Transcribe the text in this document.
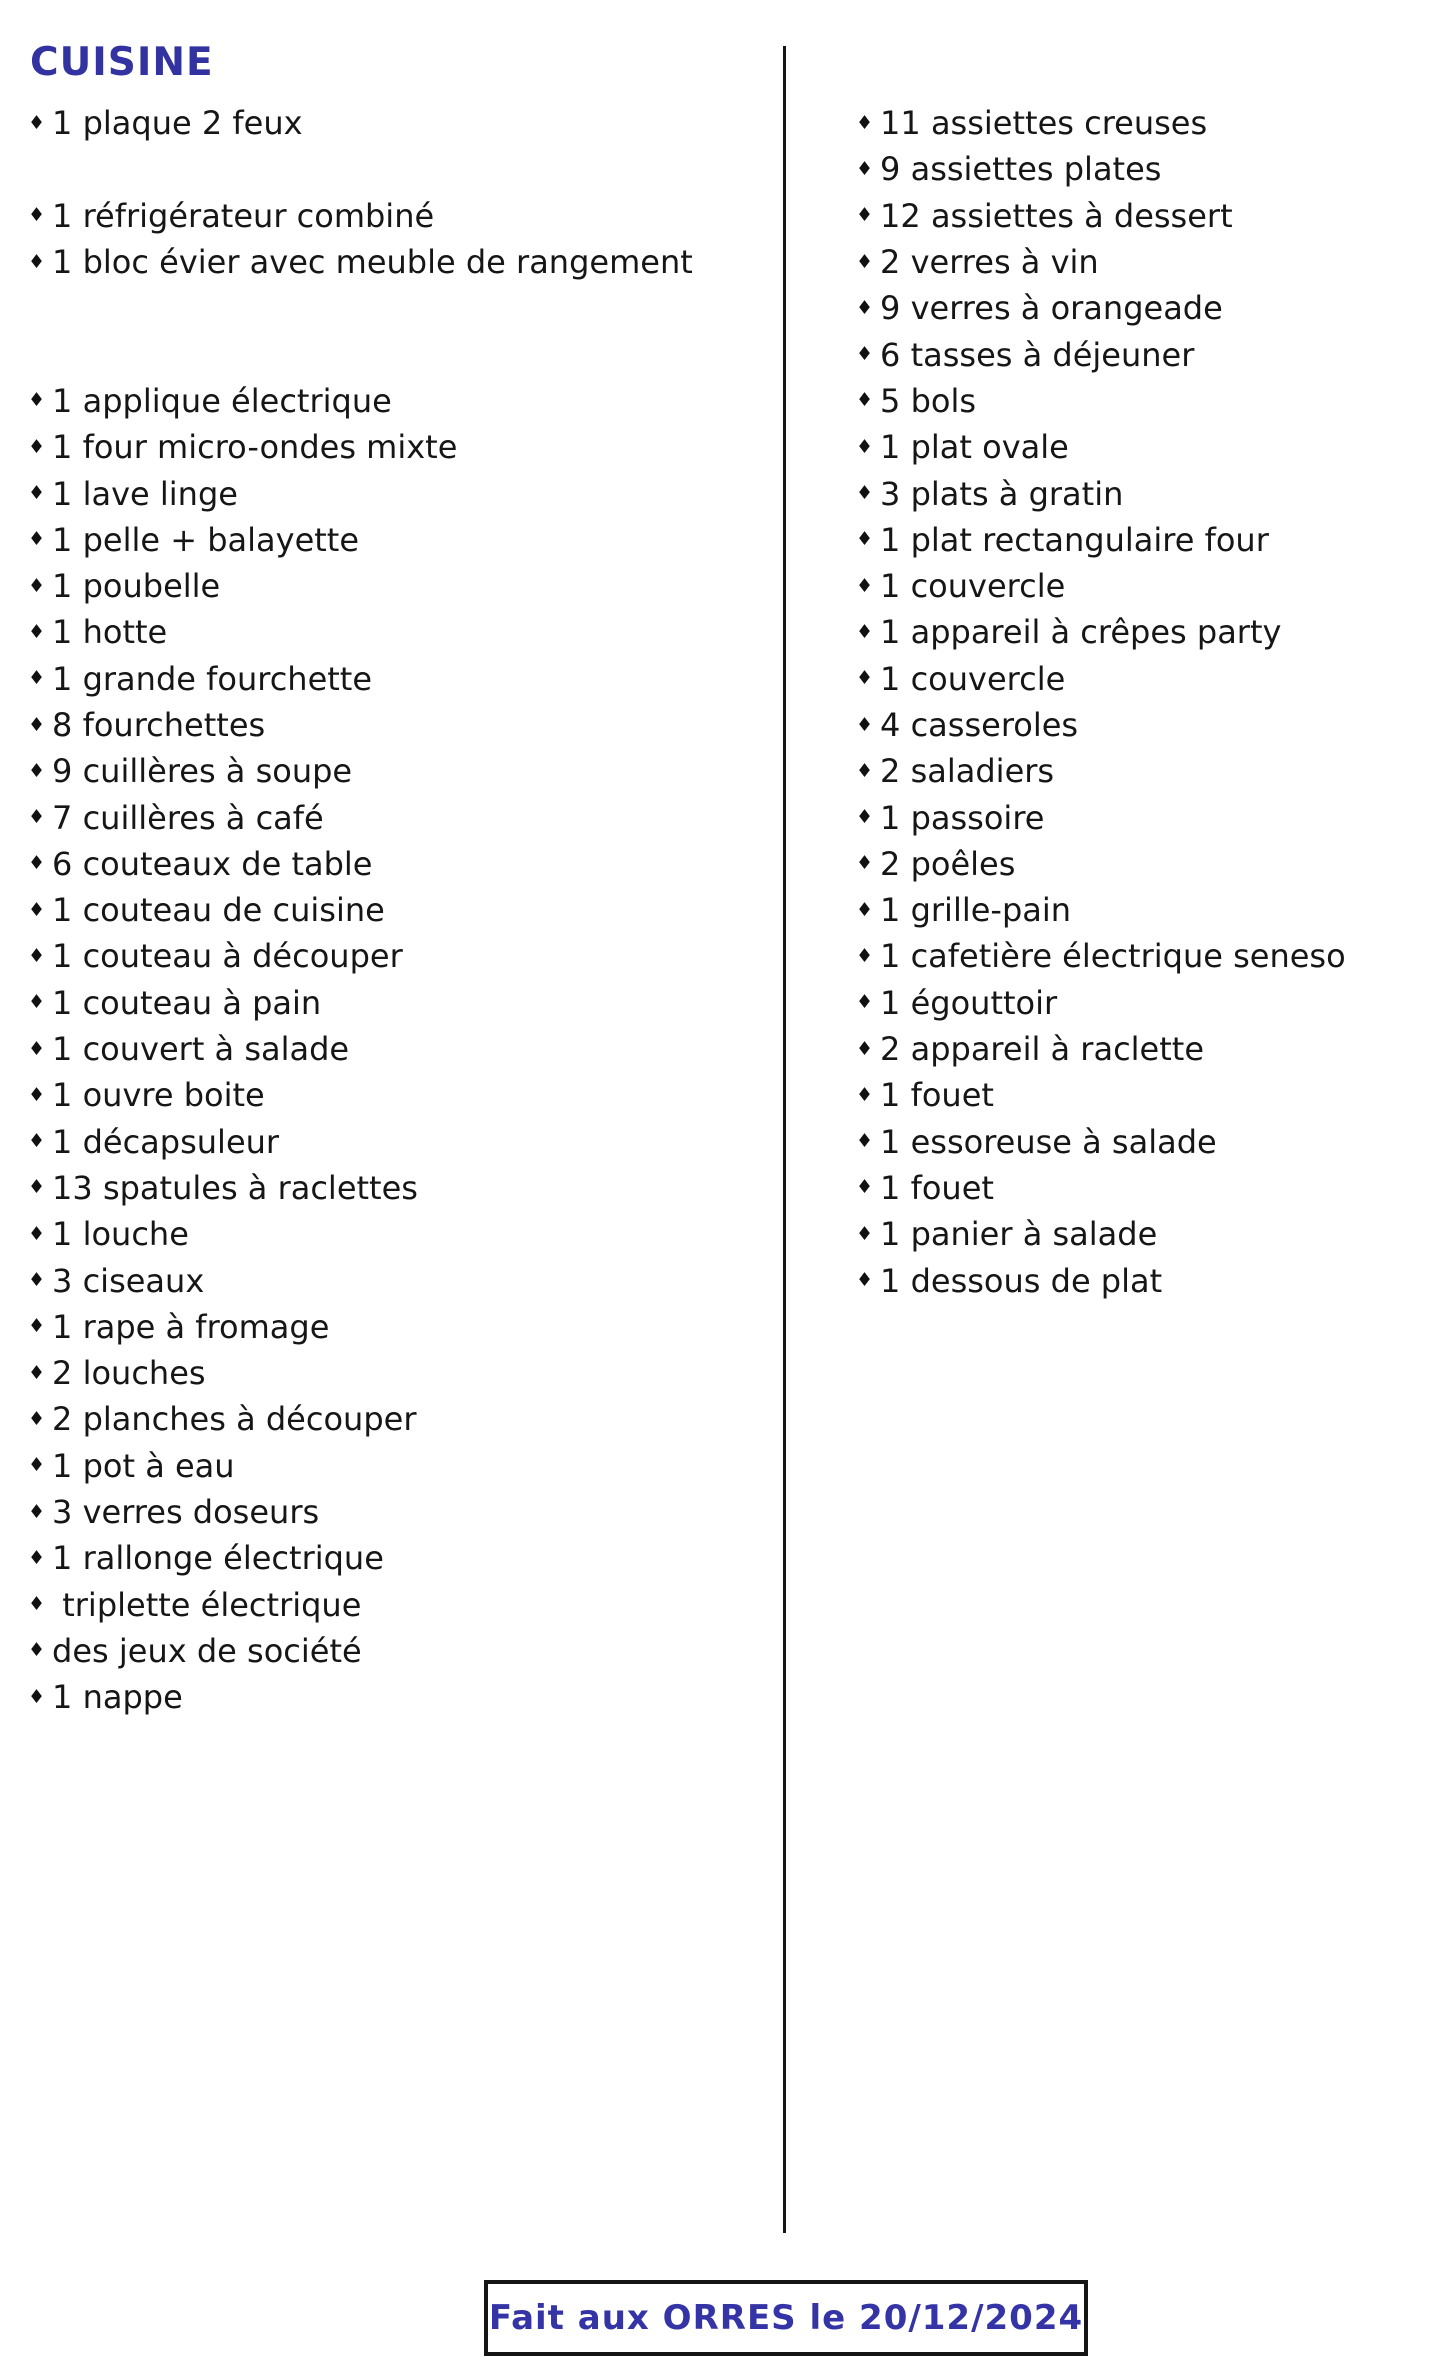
CUISINE
♦ 1 plaque 2 feux
♦ 1 réfrigérateur combiné
♦ 1 bloc évier avec meuble de rangement
♦ 1 applique électrique
♦ 1 four micro-ondes mixte
♦ 1 lave linge
♦ 1 pelle + balayette
♦ 1 poubelle
♦ 1 hotte
♦ 1 grande fourchette
♦ 8 fourchettes
♦ 9 cuillères à soupe
♦ 7 cuillères à café
♦ 6 couteaux de table
♦ 1 couteau de cuisine
♦ 1 couteau à découper
♦ 1 couteau à pain
♦ 1 couvert à salade
♦ 1 ouvre boite
♦ 1 décapsuleur
♦ 13 spatules à raclettes
♦ 1 louche
♦ 3 ciseaux
♦ 1 rape à fromage
♦ 2 louches
♦ 2 planches à découper
♦ 1 pot à eau
♦ 3 verres doseurs
♦ 1 rallonge électrique
♦ triplette électrique
♦ des jeux de société
♦ 1 nappe
♦ 11 assiettes creuses
♦ 9 assiettes plates
♦ 12 assiettes à dessert
♦ 2 verres à vin
♦ 9 verres à orangeade
♦ 6 tasses à déjeuner
♦ 5 bols
♦ 1 plat ovale
♦ 3 plats à gratin
♦ 1 plat rectangulaire four
♦ 1 couvercle
♦ 1 appareil à crêpes party
♦ 1 couvercle
♦ 4 casseroles
♦ 2 saladiers
♦ 1 passoire
♦ 2 poêles
♦ 1 grille-pain
♦ 1 cafetière électrique seneso
♦ 1 égouttoir
♦ 2 appareil à raclette
♦ 1 fouet
♦ 1 essoreuse à salade
♦ 1 fouet
♦ 1 panier à salade
♦ 1 dessous de plat
Fait aux ORRES le 20/12/2024
